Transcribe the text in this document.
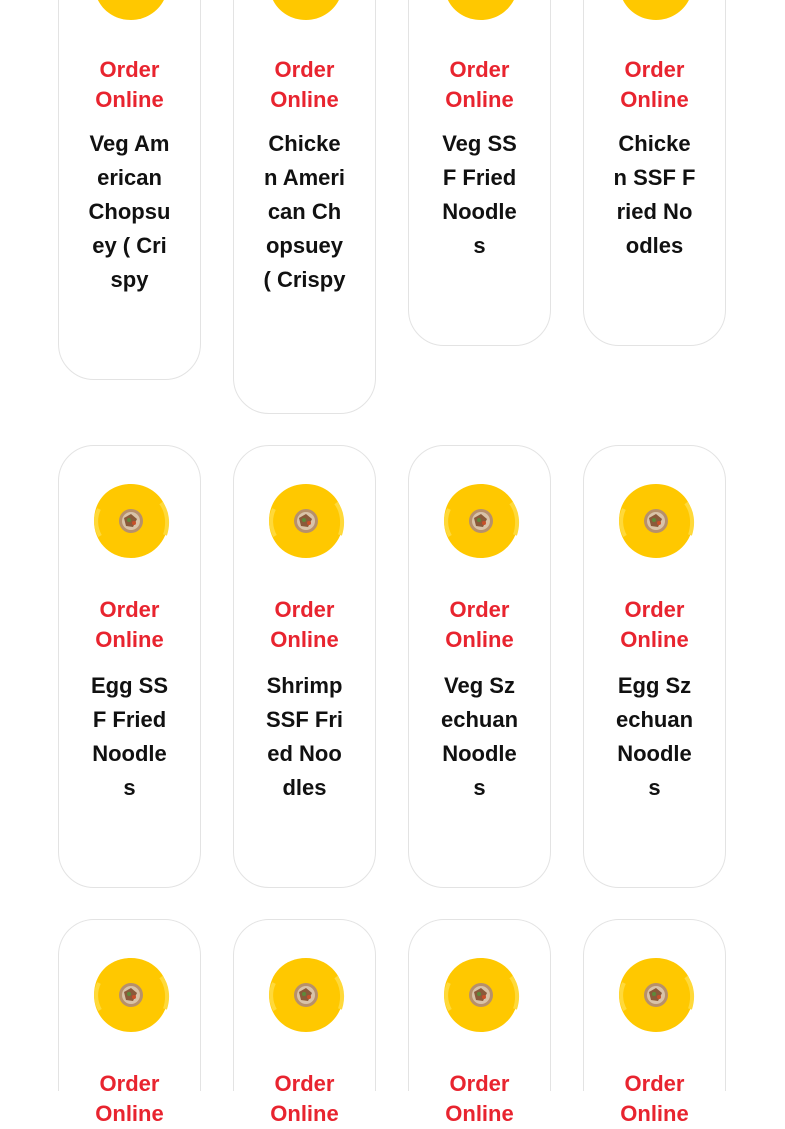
Order Online
Veg American Chopsuey ( Crispy
Order Online
Chicken American Chopsuey ( Crispy
Order Online
Veg SSF Fried Noodles
Order Online
Chicken SSF Fried Noodles
Order Online
Egg SSF Fried Noodles
Order Online
Shrimp SSF Fried Noodles
Order Online
Veg Szechuan Noodles
Order Online
Egg Szechuan Noodles
Order Online
Order Online
Order Online
Order Online
